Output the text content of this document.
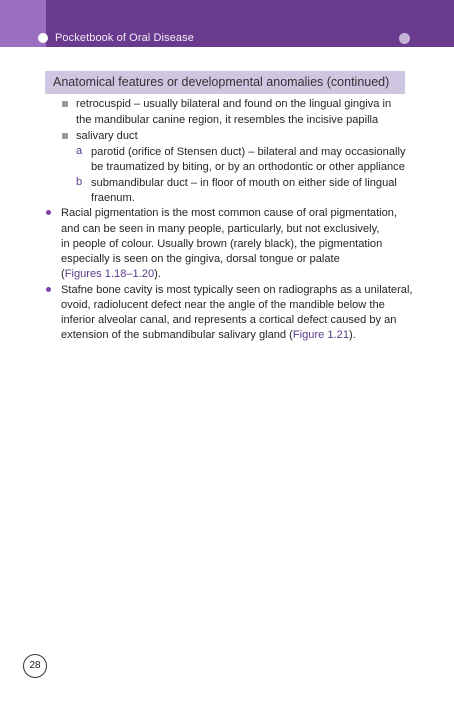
Pocketbook of Oral Disease
Anatomical features or developmental anomalies (continued)
retrocuspid – usually bilateral and found on the lingual gingiva in
the mandibular canine region, it resembles the incisive papilla
salivary duct
a parotid (orifice of Stensen duct) – bilateral and may occasionally
be traumatized by biting, or by an orthodontic or other appliance
b submandibular duct – in floor of mouth on either side of lingual
fraenum.
Racial pigmentation is the most common cause of oral pigmentation,
and can be seen in many people, particularly, but not exclusively,
in people of colour. Usually brown (rarely black), the pigmentation
especially is seen on the gingiva, dorsal tongue or palate
(Figures 1.18–1.20).
Stafne bone cavity is most typically seen on radiographs as a unilateral,
ovoid, radiolucent defect near the angle of the mandible below the
inferior alveolar canal, and represents a cortical defect caused by an
extension of the submandibular salivary gland (Figure 1.21).
28
